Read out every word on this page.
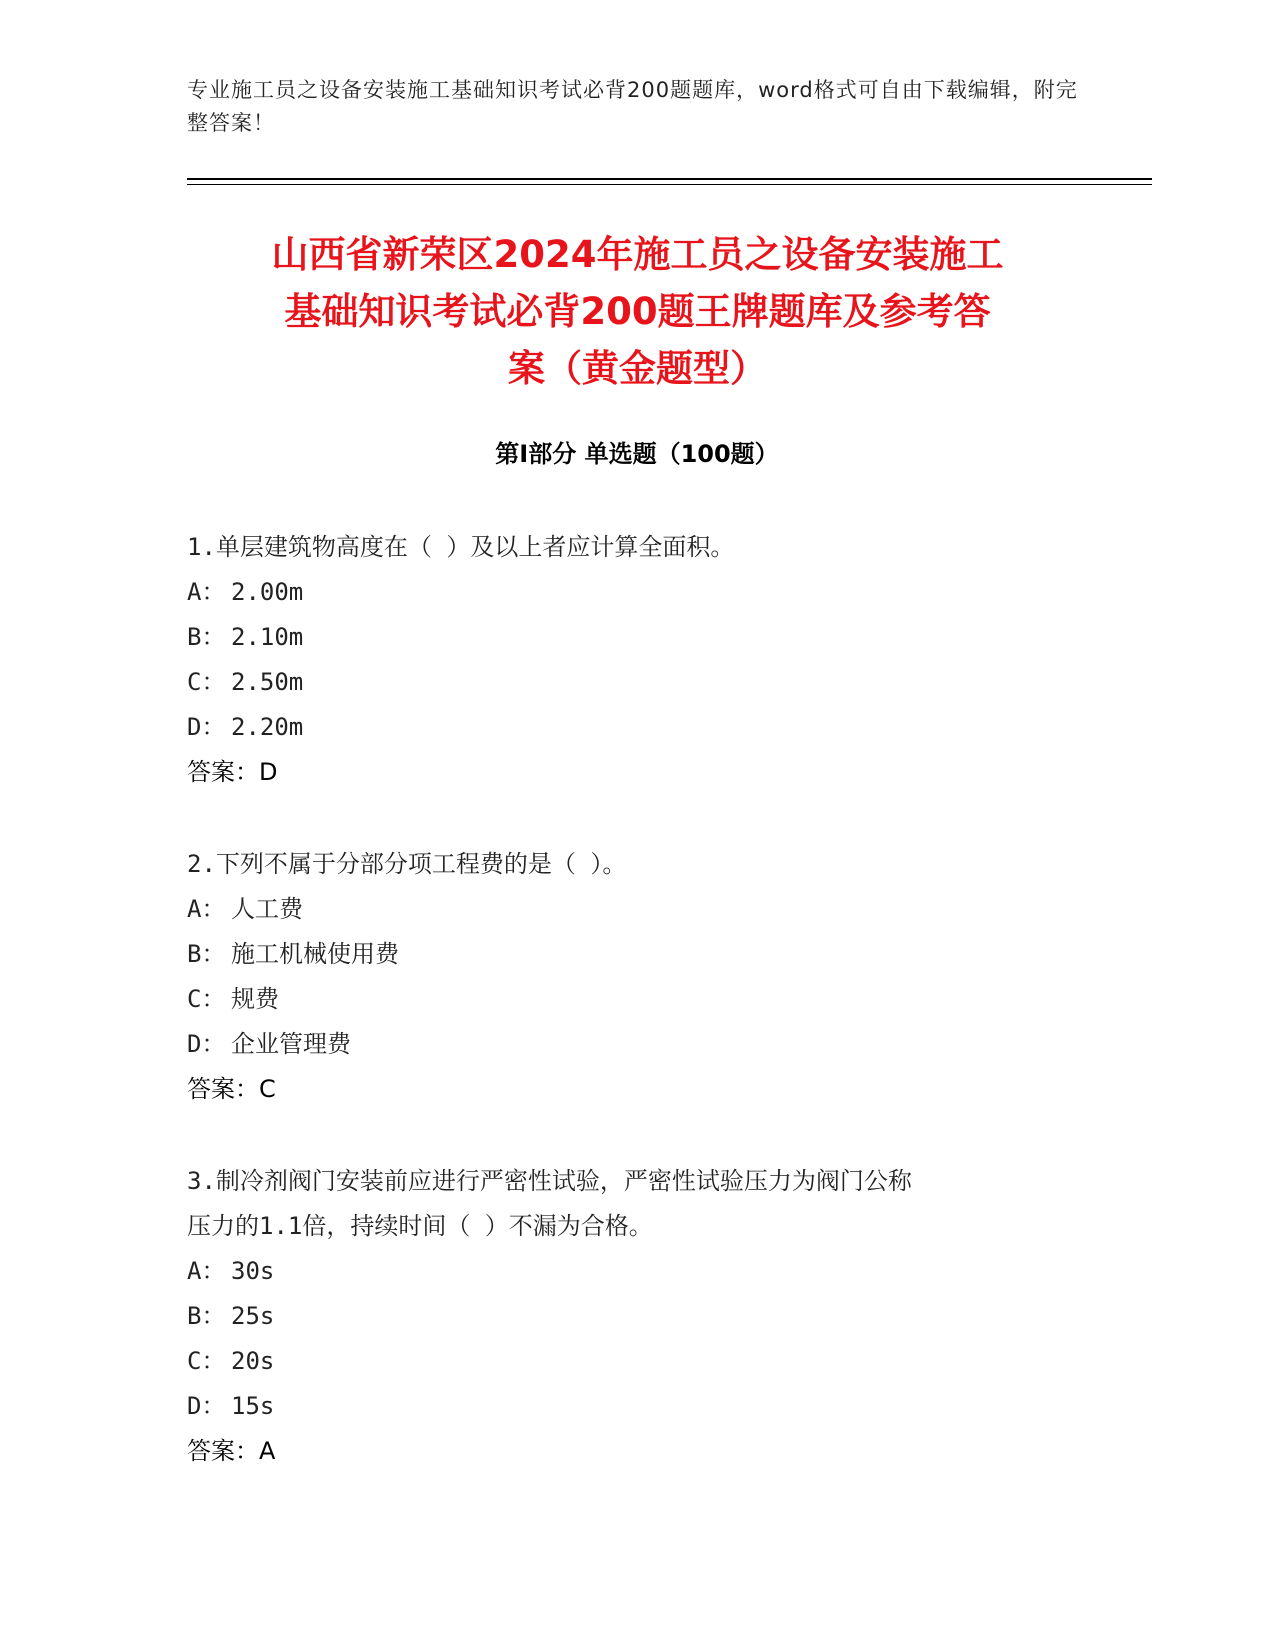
专业施工员之设备安装施工基础知识考试必背200题题库，word格式可自由下载编辑，附完整答案！
山西省新荣区2024年施工员之设备安装施工
基础知识考试必背200题王牌题库及参考答
案（黄金题型）
第Ⅰ部分 单选题（100题）

1.单层建筑物高度在（ ）及以上者应计算全面积。

A： 2.00m

B： 2.10m

C： 2.50m

D： 2.20m

答案：D

2.下列不属于分部分项工程费的是（ ）。

A： 人工费

B： 施工机械使用费

C： 规费

D： 企业管理费

答案：C

3.制冷剂阀门安装前应进行严密性试验，严密性试验压力为阀门公称

压力的1.1倍，持续时间（ ）不漏为合格。

A： 30s

B： 25s

C： 20s

D： 15s

答案：A
